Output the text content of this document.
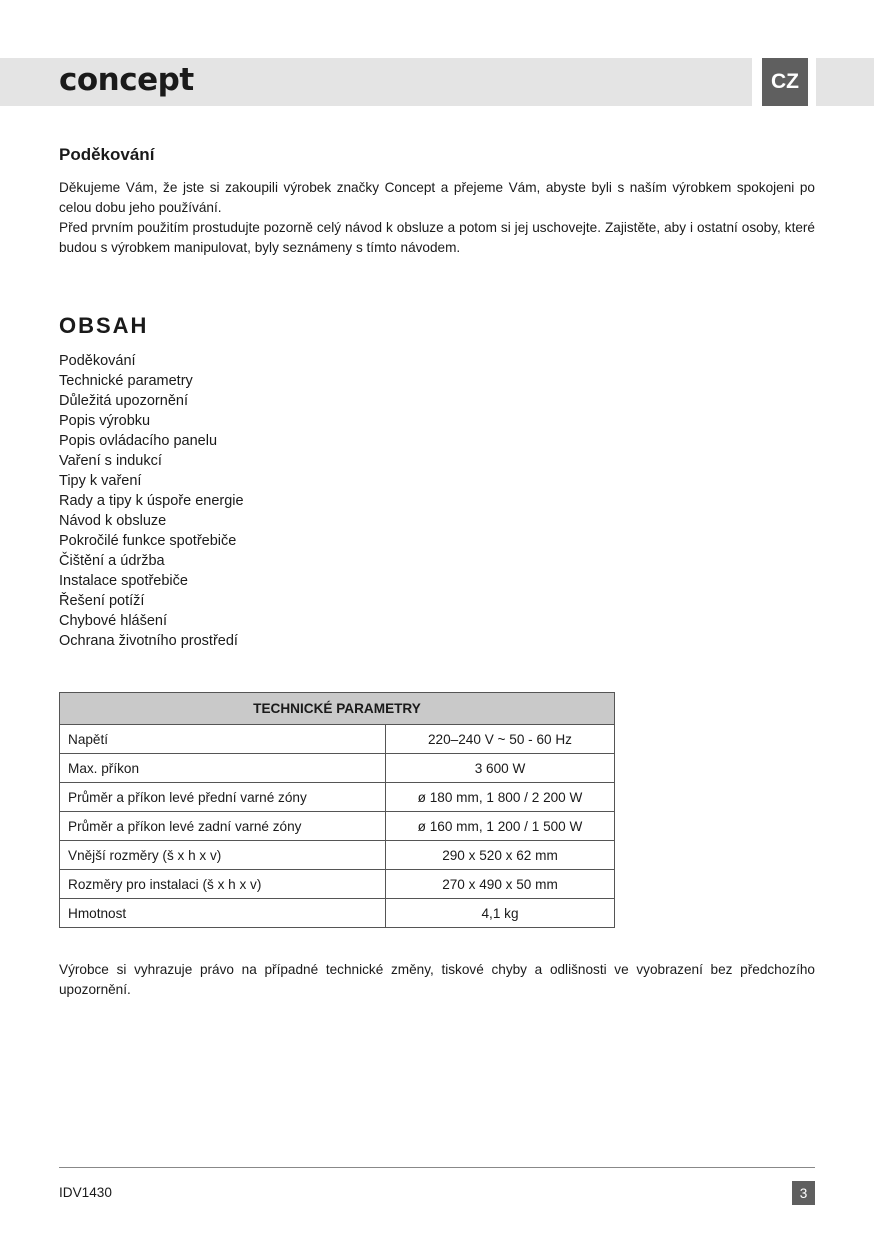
concept	CZ
Poděkování

Děkujeme Vám, že jste si zakoupili výrobek značky Concept a přejeme Vám, abyste byli s naším výrobkem spokojeni po celou dobu jeho používání.

Před prvním použitím prostudujte pozorně celý návod k obsluze a potom si jej uschovejte. Zajistěte, aby i ostatní osoby, které budou s výrobkem manipulovat, byly seznámeny s tímto návodem.

OBSAH
Poděkování
Technické parametry
Důležitá upozornění
Popis výrobku
Popis ovládacího panelu
Vaření s indukcí
Tipy k vaření
Rady a tipy k úspoře energie
Návod k obsluze
Pokročilé funkce spotřebiče
Čištění a údržba
Instalace spotřebiče
Řešení potíží
Chybové hlášení
Ochrana životního prostředí
TECHNICKÉ PARAMETRY	
Napětí	220–240 V ~ 50 - 60 Hz
Max. příkon	3 600 W
Průměr a příkon levé přední varné zóny	ø 180 mm, 1 800 / 2 200 W
Průměr a příkon levé zadní varné zóny	ø 160 mm, 1 200 / 1 500 W
Vnější rozměry (š x h x v)	290 x 520 x 62 mm
Rozměry pro instalaci (š x h x v)	270 x 490 x 50 mm
Hmotnost	4,1 kg

Výrobce si vyhrazuje právo na případné technické změny, tiskové chyby a odlišnosti ve vyobrazení bez předchozího upozornění.

IDV1430	3
